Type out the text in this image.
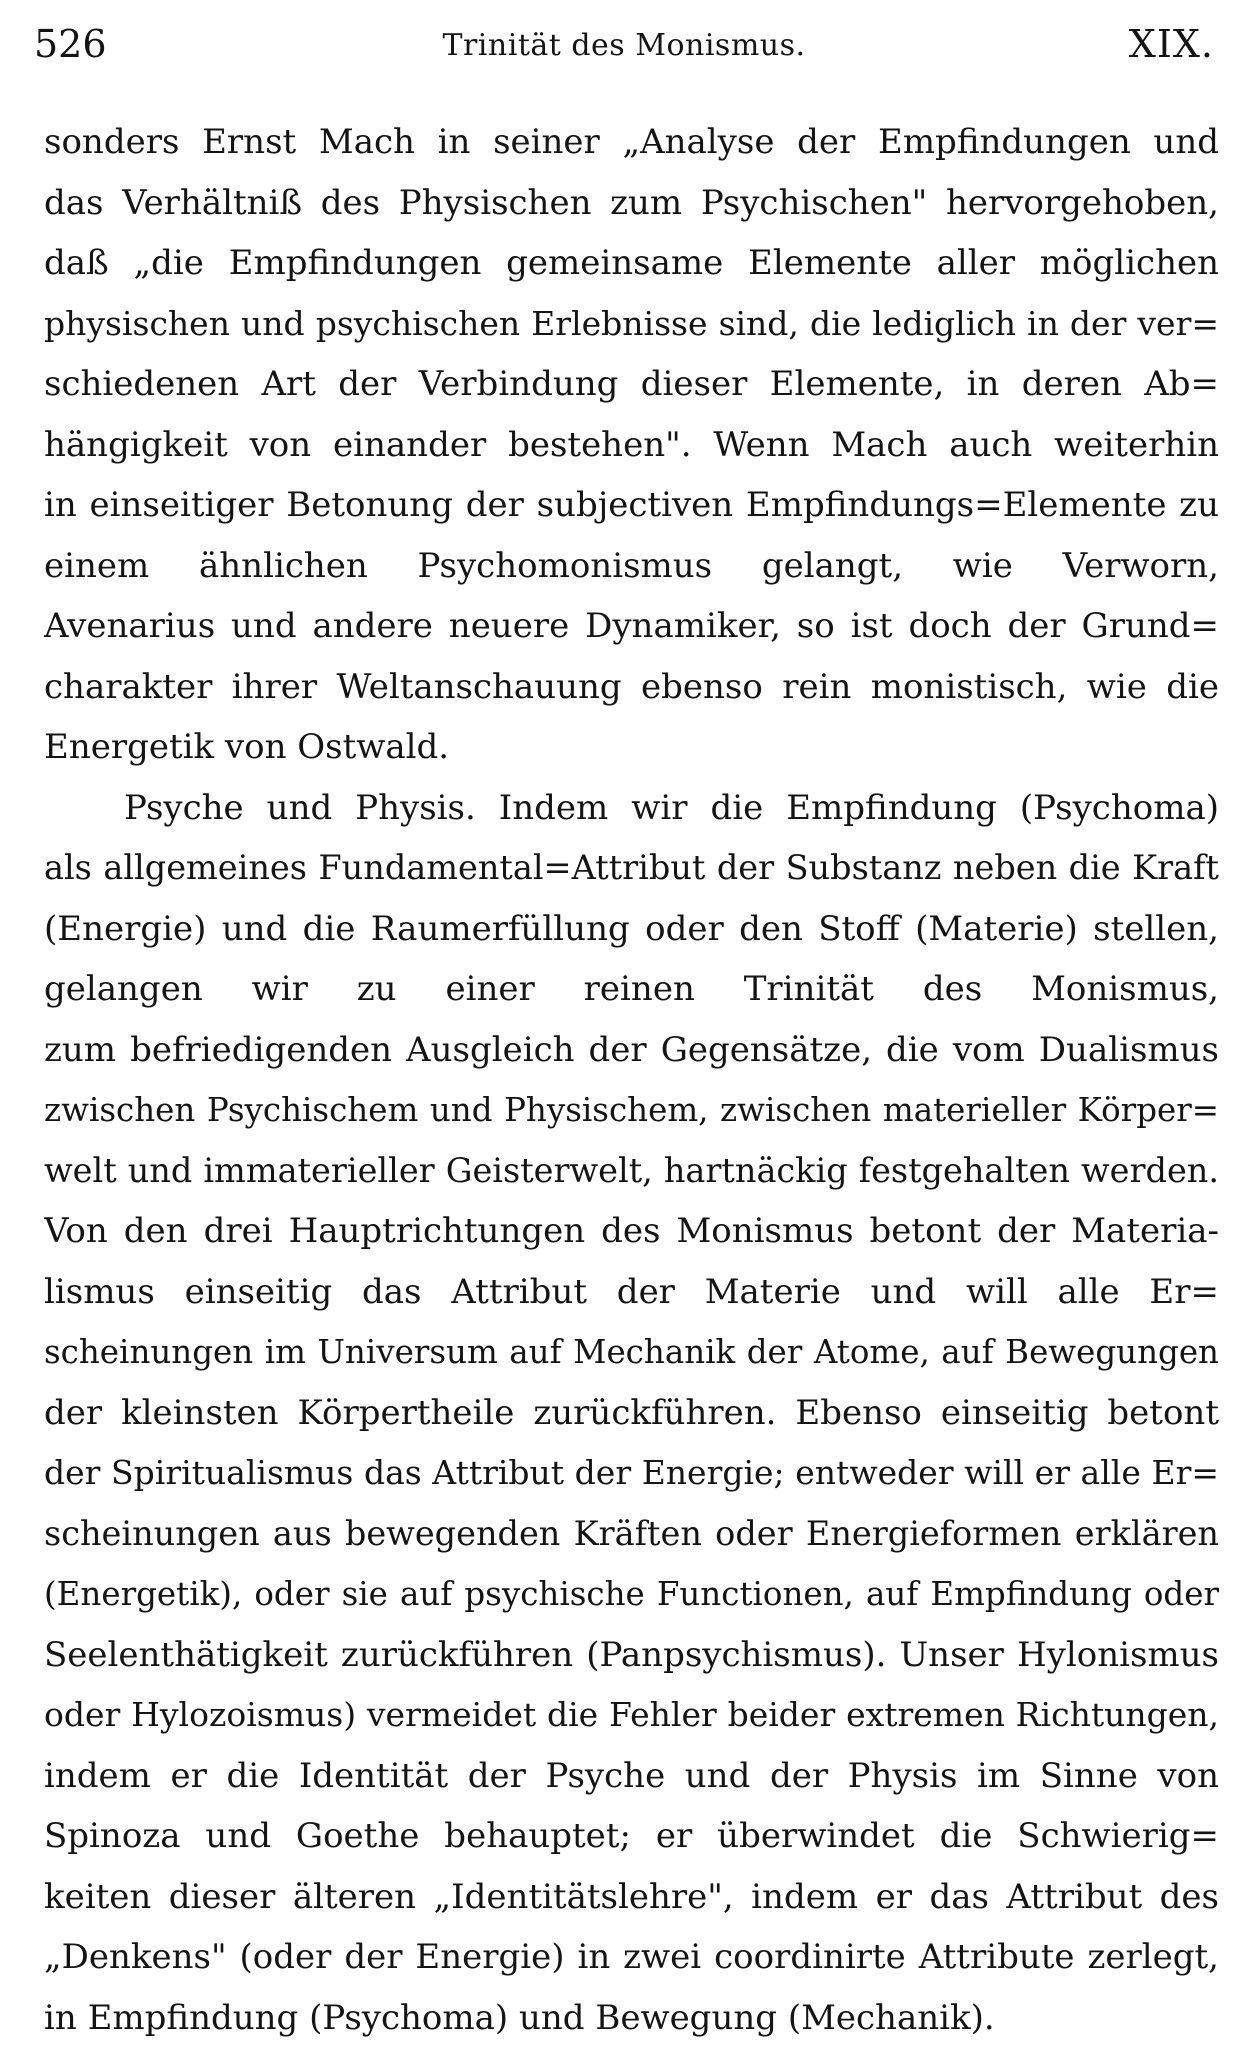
526	Trinität des Monismus.	XIX.
sonders Ernst Mach in seiner „Analyse der Empfindungen und
das Verhältniß des Physischen zum Psychischen" hervorgehoben,
daß „die Empfindungen gemeinsame Elemente aller möglichen
physischen und psychischen Erlebnisse sind, die lediglich in der ver=
schiedenen Art der Verbindung dieser Elemente, in deren Ab=
hängigkeit von einander bestehen". Wenn Mach auch weiterhin
in einseitiger Betonung der subjectiven Empfindungs=Elemente zu
einem ähnlichen Psychomonismus gelangt, wie Verworn,
Avenarius und andere neuere Dynamiker, so ist doch der Grund=
charakter ihrer Weltanschauung ebenso rein monistisch, wie die
Energetik von Ostwald.
Psyche und Physis. Indem wir die Empfindung (Psychoma)
als allgemeines Fundamental=Attribut der Substanz neben die Kraft
(Energie) und die Raumerfüllung oder den Stoff (Materie) stellen,
gelangen wir zu einer reinen Trinität des Monismus,
zum befriedigenden Ausgleich der Gegensätze, die vom Dualismus
zwischen Psychischem und Physischem, zwischen materieller Körper=
welt und immaterieller Geisterwelt, hartnäckig festgehalten werden.
Von den drei Hauptrichtungen des Monismus betont der Materia-
lismus einseitig das Attribut der Materie und will alle Er=
scheinungen im Universum auf Mechanik der Atome, auf Bewegungen
der kleinsten Körpertheile zurückführen. Ebenso einseitig betont
der Spiritualismus das Attribut der Energie; entweder will er alle Er=
scheinungen aus bewegenden Kräften oder Energieformen erklären
(Energetik), oder sie auf psychische Functionen, auf Empfindung oder
Seelenthätigkeit zurückführen (Panpsychismus). Unser Hylonismus
oder Hylozoismus) vermeidet die Fehler beider extremen Richtungen,
indem er die Identität der Psyche und der Physis im Sinne von
Spinoza und Goethe behauptet; er überwindet die Schwierig=
keiten dieser älteren „Identitätslehre", indem er das Attribut des
„Denkens" (oder der Energie) in zwei coordinirte Attribute zerlegt,
in Empfindung (Psychoma) und Bewegung (Mechanik).
